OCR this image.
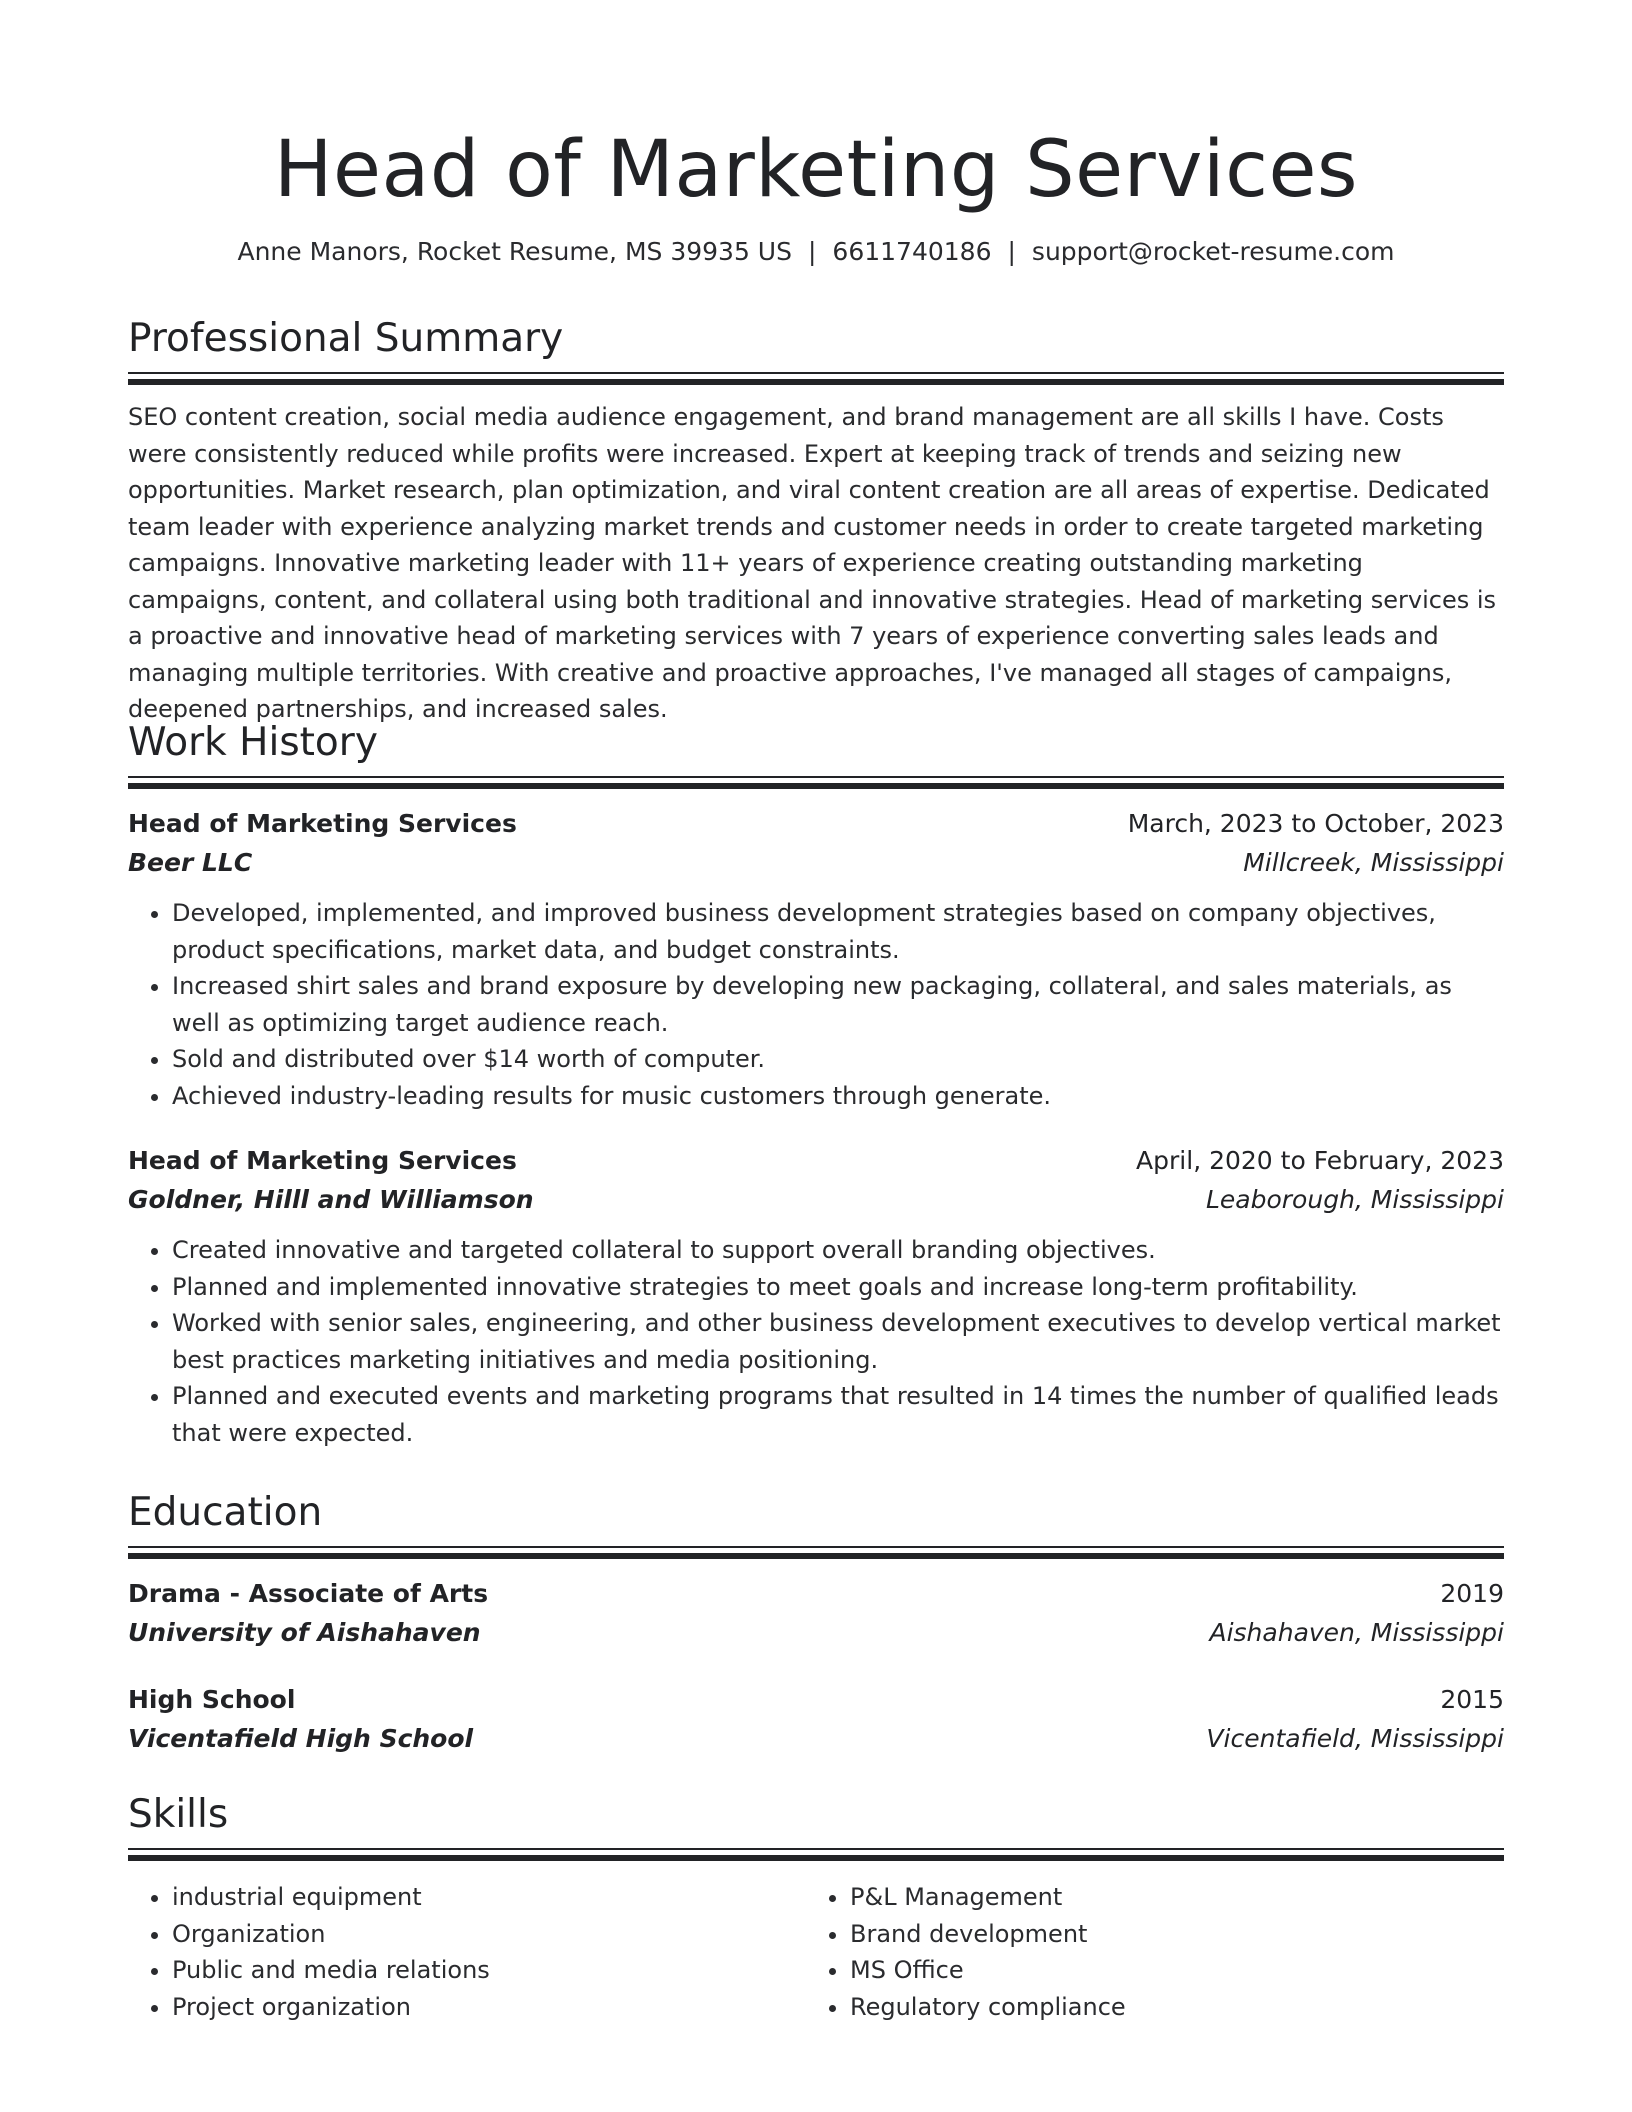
Head of Marketing Services
Anne Manors, Rocket Resume, MS 39935 US | 6611740186 | support@rocket-resume.com
Professional Summary

SEO content creation, social media audience engagement, and brand management are all skills I have. Costs were consistently reduced while profits were increased. Expert at keeping track of trends and seizing new opportunities. Market research, plan optimization, and viral content creation are all areas of expertise. Dedicated team leader with experience analyzing market trends and customer needs in order to create targeted marketing campaigns. Innovative marketing leader with 11+ years of experience creating outstanding marketing campaigns, content, and collateral using both traditional and innovative strategies. Head of marketing services is a proactive and innovative head of marketing services with 7 years of experience converting sales leads and managing multiple territories. With creative and proactive approaches, I've managed all stages of campaigns, deepened partnerships, and increased sales.

Work History
Head of Marketing Services	March, 2023 to October, 2023
Beer LLC	Millcreek, Mississippi
• Developed, implemented, and improved business development strategies based on company objectives, product specifications, market data, and budget constraints.
• Increased shirt sales and brand exposure by developing new packaging, collateral, and sales materials, as well as optimizing target audience reach.
• Sold and distributed over $14 worth of computer.
• Achieved industry-leading results for music customers through generate.
Head of Marketing Services	April, 2020 to February, 2023
Goldner, Hilll and Williamson	Leaborough, Mississippi
• Created innovative and targeted collateral to support overall branding objectives.
• Planned and implemented innovative strategies to meet goals and increase long-term profitability.
• Worked with senior sales, engineering, and other business development executives to develop vertical market best practices marketing initiatives and media positioning.
• Planned and executed events and marketing programs that resulted in 14 times the number of qualified leads that were expected.
Education
Drama - Associate of Arts	2019
University of Aishahaven	Aishahaven, Mississippi
High School	2015
Vicentafield High School	Vicentafield, Mississippi
Skills
• industrial equipment
• Organization
• Public and media relations
• Project organization
• P&L Management
• Brand development
• MS Office
• Regulatory compliance
